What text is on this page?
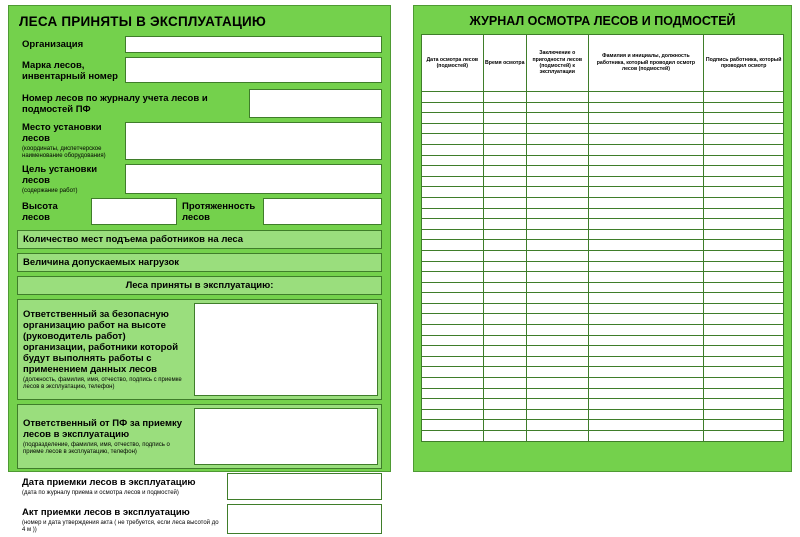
ЛЕСА ПРИНЯТЫ В ЭКСПЛУАТАЦИЮ
Организация
Марка лесов, инвентарный номер
Номер лесов по журналу учета лесов и подмостей ПФ
Место установки лесов
(координаты, диспетчерское наименование оборудования)
Цель установки лесов
(содержание работ)
Высота лесов
Протяженность лесов
Количество мест подъема работников на леса
Величина допускаемых нагрузок
Леса приняты в эксплуатацию:
Ответственный за безопасную организацию работ на высоте (руководитель работ) организации, работники которой будут выполнять работы с применением данных лесов
(должность, фамилия, имя, отчество, подпись с приемке лесов в эксплуатацию, телефон)
Ответственный от ПФ за приемку лесов в эксплуатацию
(подразделение, фамилия, имя, отчество, подпись о приеме лесов в эксплуатацию, телефон)
Дата приемки лесов в эксплуатацию
(дата по журналу приема и осмотра лесов и подмостей)
Акт приемки лесов в эксплуатацию
(номер и дата утверждения акта ( не требуется, если леса высотой до 4 м ))
ЖУРНАЛ ОСМОТРА ЛЕСОВ И ПОДМОСТЕЙ
Дата осмотра лесов (подмостей)	Время осмотра	Заключение о пригодности лесов (подмостей) к эксплуатации	Фамилия и инициалы, должность работника, который проводил осмотр лесов (подмостей)	Подпись работника, который проводил осмотр
